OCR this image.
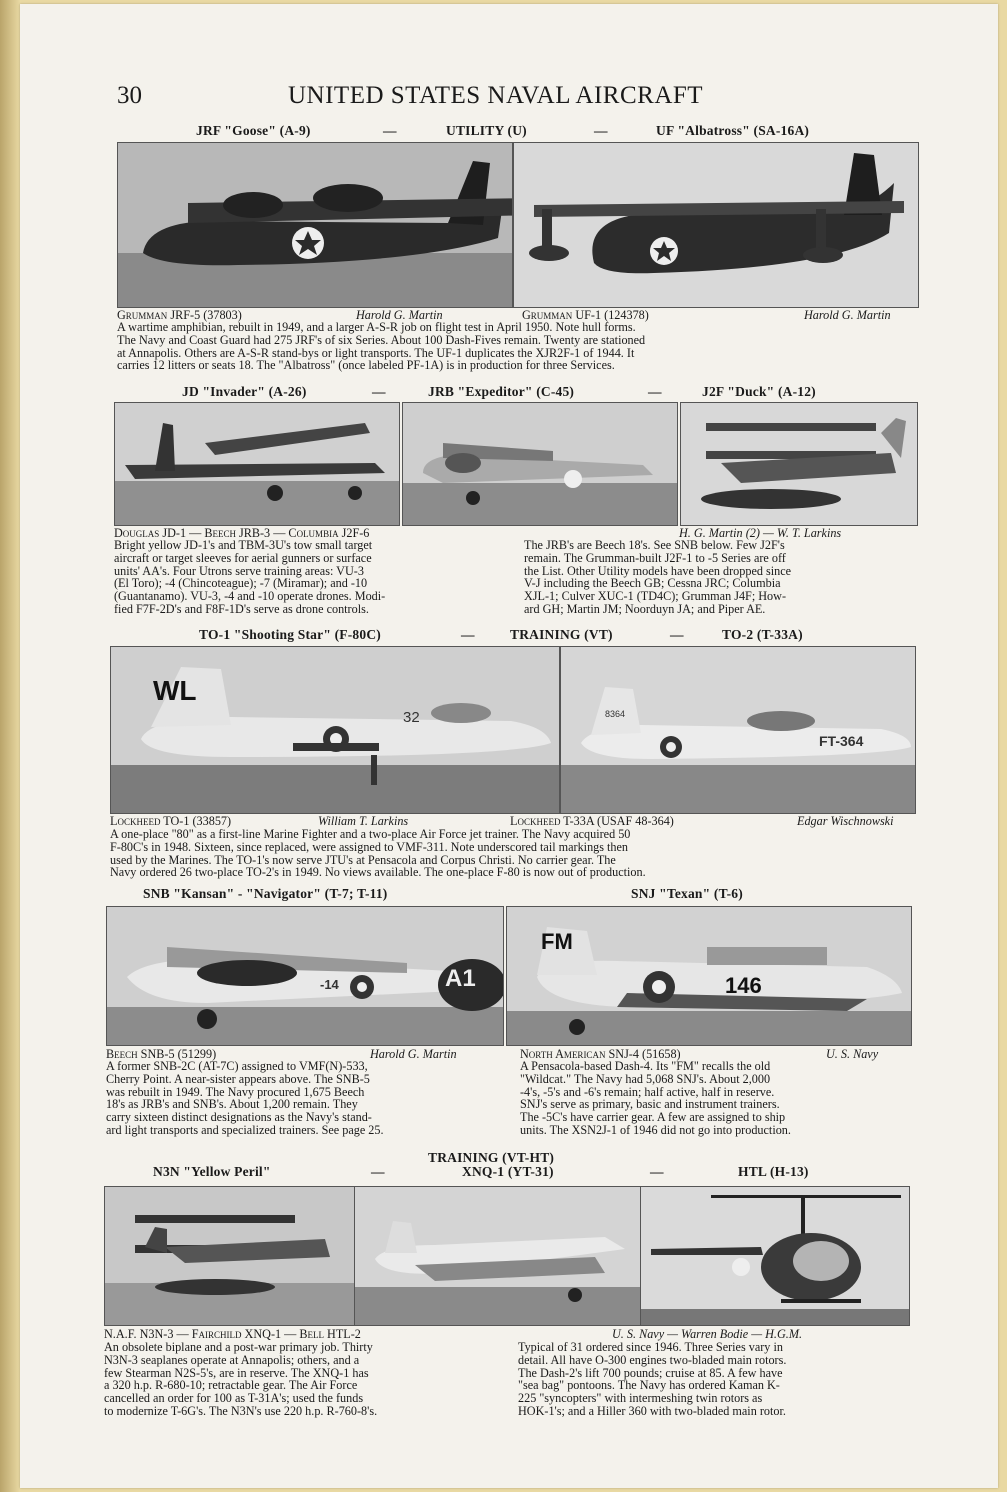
30	UNITED STATES NAVAL AIRCRAFT
JRF "Goose" (A-9)	—	UTILITY (U)	—	UF "Albatross" (SA-16A)
Grumman JRF-5 (37803)	Harold G. Martin	Grumman UF-1 (124378)	Harold G. Martin
A wartime amphibian, rebuilt in 1949, and a larger A-S-R job on flight test in April 1950. Note hull forms.
The Navy and Coast Guard had 275 JRF's of six Series. About 100 Dash-Fives remain. Twenty are stationed
at Annapolis. Others are A-S-R stand-bys or light transports. The UF-1 duplicates the XJR2F-1 of 1944. It
carries 12 litters or seats 18. The "Albatross" (once labeled PF-1A) is in production for three Services.
JD "Invader" (A-26)	—	JRB "Expeditor" (C-45)	—	J2F "Duck" (A-12)
Douglas JD-1 — Beech JRB-3 — Columbia J2F-6	H. G. Martin (2) — W. T. Larkins
Bright yellow JD-1's and TBM-3U's tow small target
aircraft or target sleeves for aerial gunners or surface
units' AA's. Four Utrons serve training areas: VU-3
(El Toro); -4 (Chincoteague); -7 (Miramar); and -10
(Guantanamo). VU-3, -4 and -10 operate drones. Modi-
fied F7F-2D's and F8F-1D's serve as drone controls.
The JRB's are Beech 18's. See SNB below. Few J2F's
remain. The Grumman-built J2F-1 to -5 Series are off
the List. Other Utility models have been dropped since
V-J including the Beech GB; Cessna JRC; Columbia
XJL-1; Culver XUC-1 (TD4C); Grumman J4F; How-
ard GH; Martin JM; Noorduyn JA; and Piper AE.
TO-1 "Shooting Star" (F-80C)	—	TRAINING (VT)	—	TO-2 (T-33A)
WL
32	8364
FT-364
Lockheed TO-1 (33857)	William T. Larkins	Lockheed T-33A (USAF 48-364)	Edgar Wischnowski
A one-place "80" as a first-line Marine Fighter and a two-place Air Force jet trainer. The Navy acquired 50
F-80C's in 1948. Sixteen, since replaced, were assigned to VMF-311. Note underscored tail markings then
used by the Marines. The TO-1's now serve JTU's at Pensacola and Corpus Christi. No carrier gear. The
Navy ordered 26 two-place TO-2's in 1949. No views available. The one-place F-80 is now out of production.
SNB "Kansan" - "Navigator" (T-7; T-11)	SNJ "Texan" (T-6)
A1
-14
FM
146
Beech SNB-5 (51299)	Harold G. Martin	North American SNJ-4 (51658)	U. S. Navy
A former SNB-2C (AT-7C) assigned to VMF(N)-533,
Cherry Point. A near-sister appears above. The SNB-5
was rebuilt in 1949. The Navy procured 1,675 Beech
18's as JRB's and SNB's. About 1,200 remain. They
carry sixteen distinct designations as the Navy's stand-
ard light transports and specialized trainers. See page 25.
A Pensacola-based Dash-4. Its "FM" recalls the old
"Wildcat." The Navy had 5,068 SNJ's. About 2,000
-4's, -5's and -6's remain; half active, half in reserve.
SNJ's serve as primary, basic and instrument trainers.
The -5C's have carrier gear. A few are assigned to ship
units. The XSN2J-1 of 1946 did not go into production.
TRAINING (VT-HT)
N3N "Yellow Peril"	—	XNQ-1 (YT-31)	—	HTL (H-13)
N.A.F. N3N-3 — Fairchild XNQ-1 — Bell HTL-2	U. S. Navy — Warren Bodie — H.G.M.
An obsolete biplane and a post-war primary job. Thirty
N3N-3 seaplanes operate at Annapolis; others, and a
few Stearman N2S-5's, are in reserve. The XNQ-1 has
a 320 h.p. R-680-10; retractable gear. The Air Force
cancelled an order for 100 as T-31A's; used the funds
to modernize T-6G's. The N3N's use 220 h.p. R-760-8's.
Typical of 31 ordered since 1946. Three Series vary in
detail. All have O-300 engines two-bladed main rotors.
The Dash-2's lift 700 pounds; cruise at 85. A few have
"sea bag" pontoons. The Navy has ordered Kaman K-
225 "syncopters" with intermeshing twin rotors as
HOK-1's; and a Hiller 360 with two-bladed main rotor.
